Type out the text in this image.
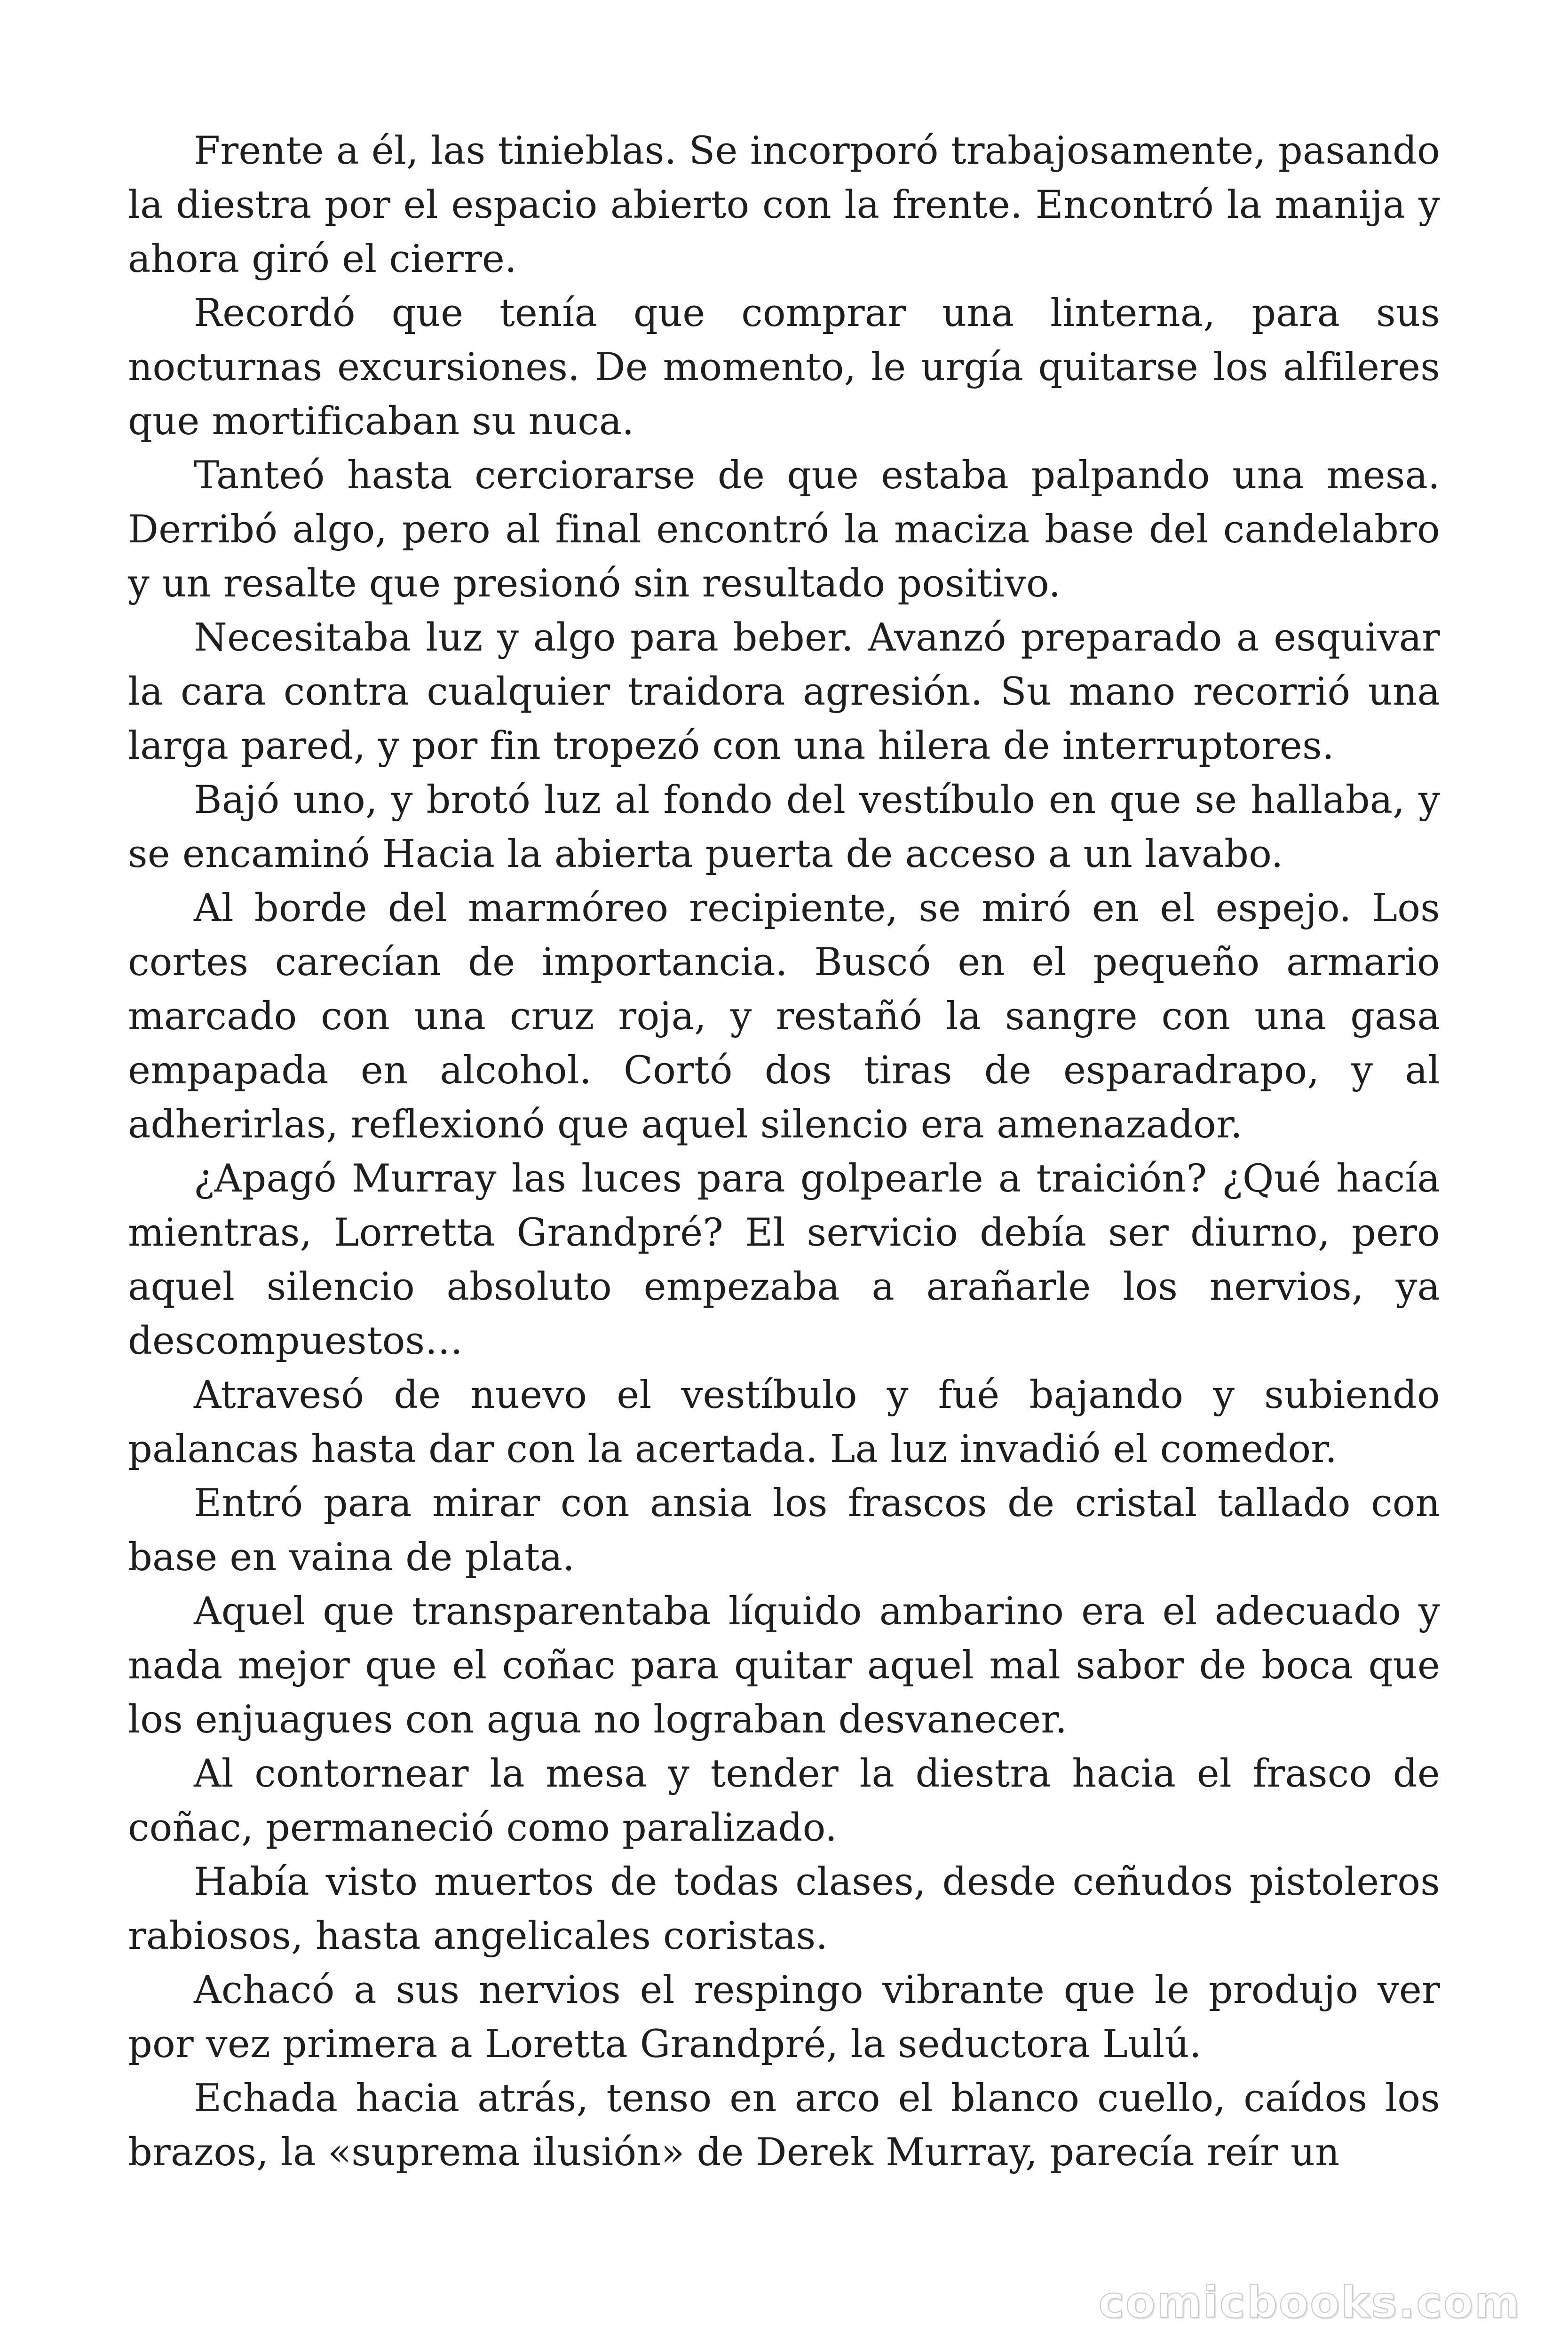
Frente a él, las tinieblas. Se incorporó trabajosamente, pasando la diestra por el espacio abierto con la frente. Encontró la manija y ahora giró el cierre.

Recordó que tenía que comprar una linterna, para sus nocturnas excursiones. De momento, le urgía quitarse los alfileres que mortificaban su nuca.

Tanteó hasta cerciorarse de que estaba palpando una mesa. Derribó algo, pero al final encontró la maciza base del candelabro y un resalte que presionó sin resultado positivo.

Necesitaba luz y algo para beber. Avanzó preparado a esquivar la cara contra cualquier traidora agresión. Su mano recorrió una larga pared, y por fin tropezó con una hilera de interruptores.

Bajó uno, y brotó luz al fondo del vestíbulo en que se hallaba, y se encaminó Hacia la abierta puerta de acceso a un lavabo.

Al borde del marmóreo recipiente, se miró en el espejo. Los cortes carecían de importancia. Buscó en el pequeño armario marcado con una cruz roja, y restañó la sangre con una gasa empapada en alcohol. Cortó dos tiras de esparadrapo, y al adherirlas, reflexionó que aquel silencio era amenazador.

¿Apagó Murray las luces para golpearle a traición? ¿Qué hacía mientras, Lorretta Grandpré? El servicio debía ser diurno, pero aquel silencio absoluto empezaba a arañarle los nervios, ya descompuestos…

Atravesó de nuevo el vestíbulo y fué bajando y subiendo palancas hasta dar con la acertada. La luz invadió el comedor.

Entró para mirar con ansia los frascos de cristal tallado con base en vaina de plata.

Aquel que transparentaba líquido ambarino era el adecuado y nada mejor que el coñac para quitar aquel mal sabor de boca que los enjuagues con agua no lograban desvanecer.

Al contornear la mesa y tender la diestra hacia el frasco de coñac, permaneció como paralizado.

Había visto muertos de todas clases, desde ceñudos pistoleros rabiosos, hasta angelicales coristas.

Achacó a sus nervios el respingo vibrante que le produjo ver por vez primera a Loretta Grandpré, la seductora Lulú.

Echada hacia atrás, tenso en arco el blanco cuello, caídos los brazos, la «suprema ilusión» de Derek Murray, parecía reír un

comicbooks.com
